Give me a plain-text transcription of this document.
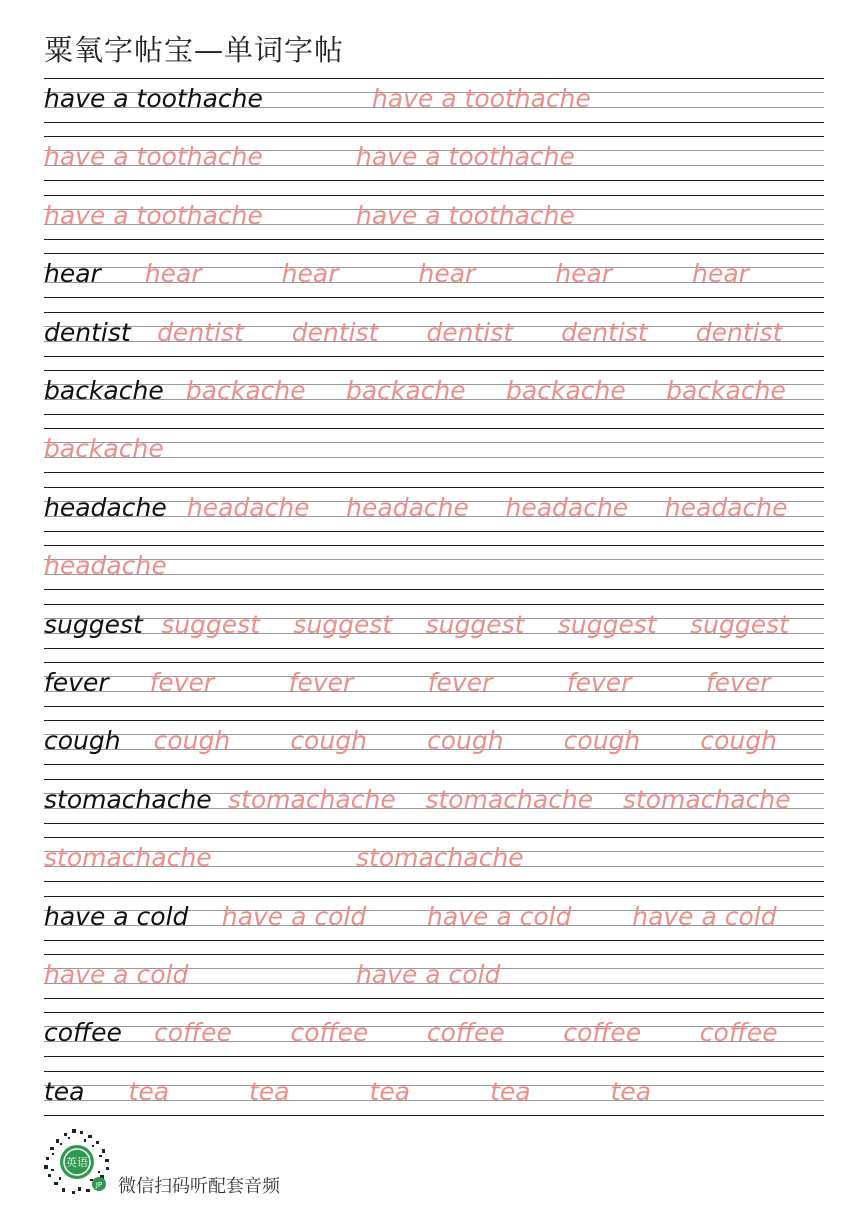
粟氧字帖宝—单词字帖
have a toothache	have a toothache
have a toothache	have a toothache
have a toothache	have a toothache
hear hear	hear	hear	hear	hear
dentist dentist dentist dentist dentist dentist
backache backache backache backache backache
backache
headache headache headache headache headache
headache
suggest suggest suggest suggest suggest suggest
fever fever	fever	fever	fever	fever
cough cough cough cough cough cough
stomachache stomachache stomachache stomachache
stomachache	stomachache
have a cold have a cold have a cold have a cold
have a cold	have a cold
coffee coffee coffee coffee coffee coffee
tea tea	tea	tea	tea	tea
英语
JP 微信扫码听配套音频
